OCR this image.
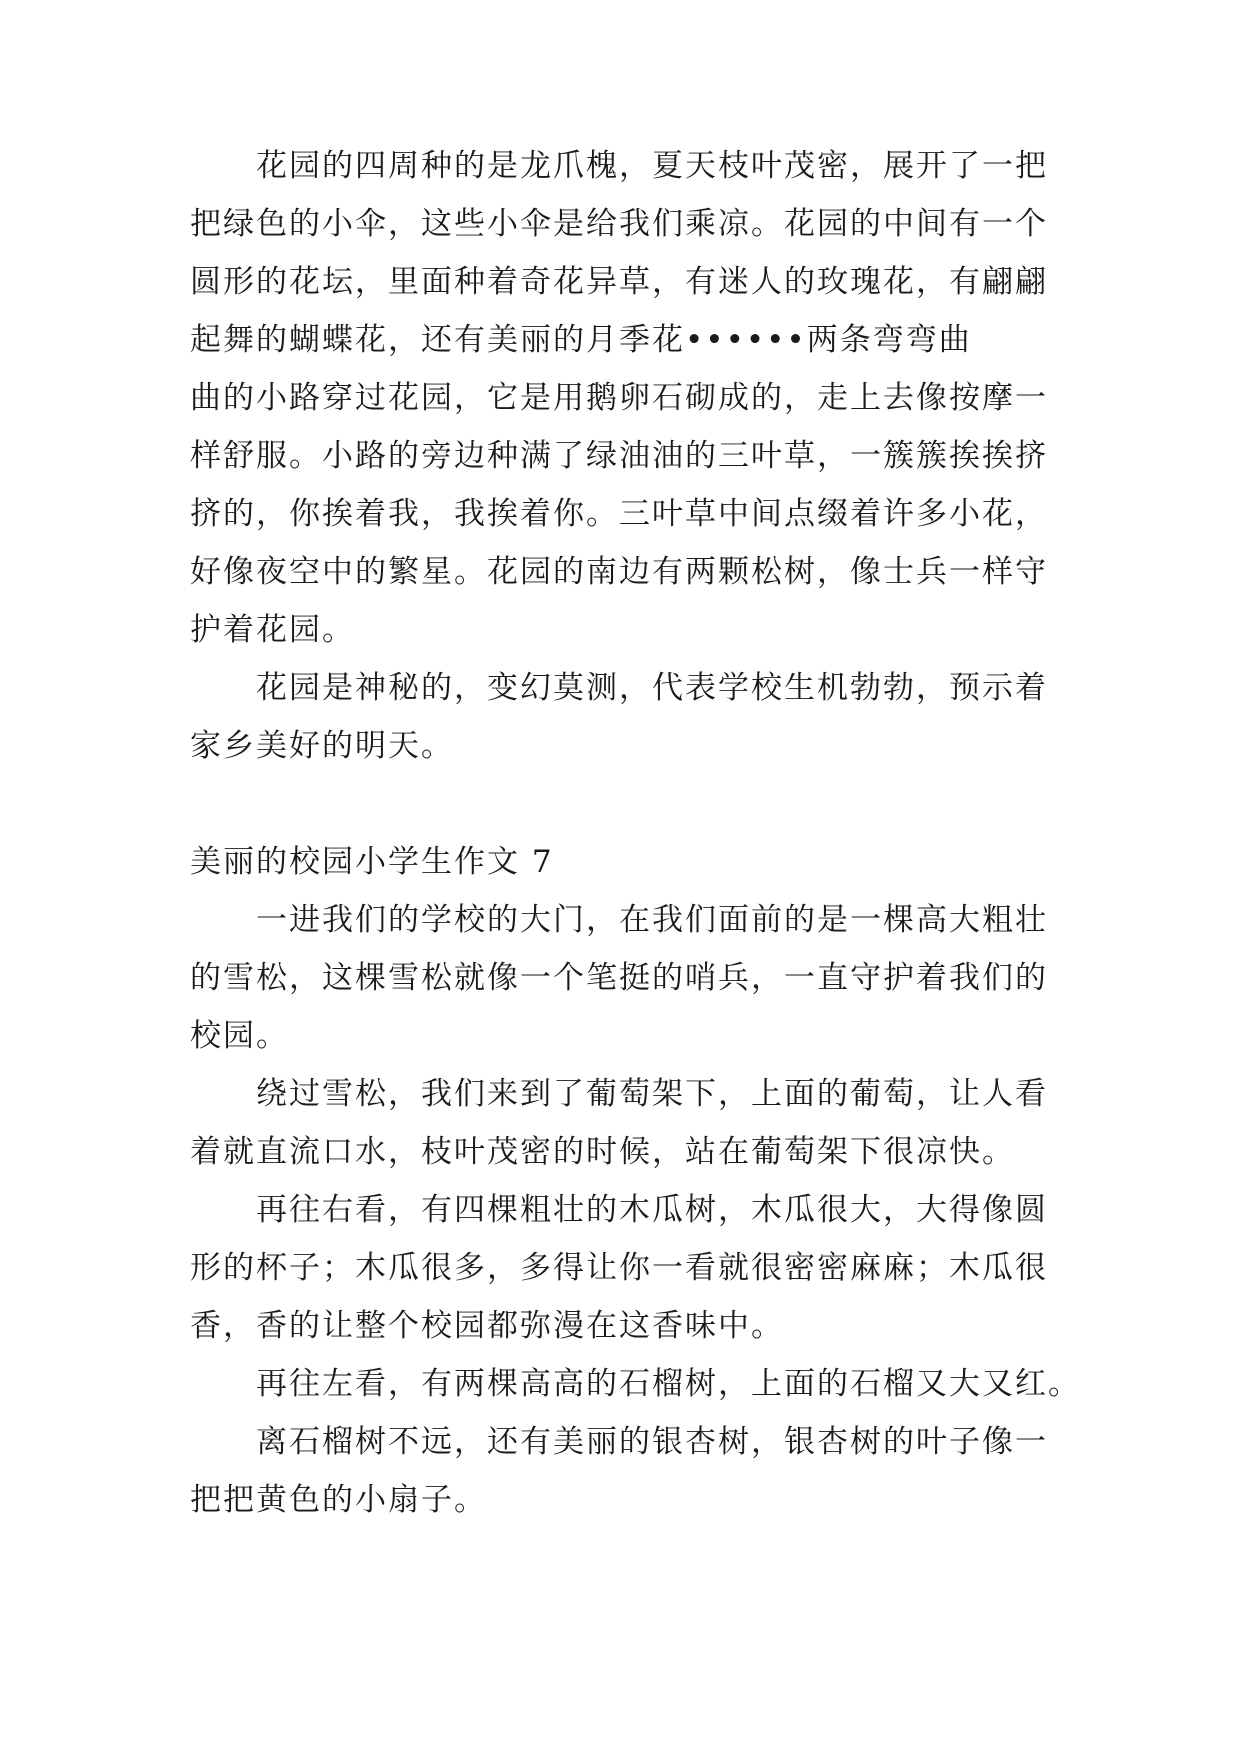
花园的四周种的是龙爪槐，夏天枝叶茂密，展开了一把
把绿色的小伞，这些小伞是给我们乘凉。花园的中间有一个
圆形的花坛，里面种着奇花异草，有迷人的玫瑰花，有翩翩
起舞的蝴蝶花，还有美丽的月季花••••••两条弯弯曲
曲的小路穿过花园，它是用鹅卵石砌成的，走上去像按摩一
样舒服。小路的旁边种满了绿油油的三叶草，一簇簇挨挨挤
挤的，你挨着我，我挨着你。三叶草中间点缀着许多小花，
好像夜空中的繁星。花园的南边有两颗松树，像士兵一样守
护着花园。
花园是神秘的，变幻莫测，代表学校生机勃勃，预示着
家乡美好的明天。
美丽的校园小学生作文 7
一进我们的学校的大门，在我们面前的是一棵高大粗壮
的雪松，这棵雪松就像一个笔挺的哨兵，一直守护着我们的
校园。
绕过雪松，我们来到了葡萄架下，上面的葡萄，让人看
着就直流口水，枝叶茂密的时候，站在葡萄架下很凉快。
再往右看，有四棵粗壮的木瓜树，木瓜很大，大得像圆
形的杯子；木瓜很多，多得让你一看就很密密麻麻；木瓜很
香，香的让整个校园都弥漫在这香味中。
再往左看，有两棵高高的石榴树，上面的石榴又大又红。
离石榴树不远，还有美丽的银杏树，银杏树的叶子像一
把把黄色的小扇子。
